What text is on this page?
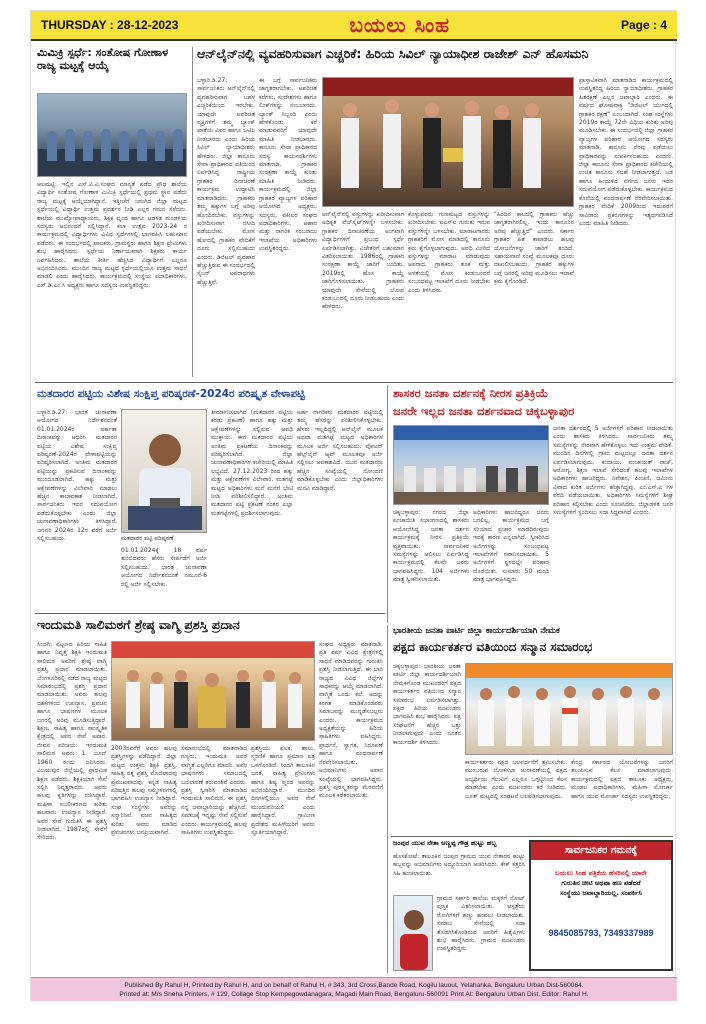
THURSDAY : 28-12-2023	ಬಯಲು ಸಿಂಹ	Page : 4
ಮಿಮಿಕ್ರಿ ಸ್ಪರ್ಧೆ: ಸಂತೋಷ ಗೋಣಾಳ ರಾಜ್ಯ ಮಟ್ಟಕ್ಕೆ ಆಯ್ಕೆ
ಆಲಮಟ್ಟಿ: ಇಲ್ಲಿನ ಎಸ್.ವಿ.ವಿ.ಸಂಘದ ಮಾನ್ಯತೆ ಪಡೆದ ಪ್ರೌಢ ಶಾಲೆಯ ವಿದ್ಯಾರ್ಥಿ ಸಂತೋಷ ಗೋಣಾಳ ಮಿಮಿಕ್ರಿ ಸ್ಪರ್ಧೆಯಲ್ಲಿ ಪ್ರಥಮ ಸ್ಥಾನ ಪಡೆದು ರಾಜ್ಯ ಮಟ್ಟಕ್ಕೆ ಆಯ್ಕೆಯಾಗಿದ್ದಾನೆ. ಇತ್ತೀಚೆಗೆ ಜರುಗಿದ ಜಿಲ್ಲಾ ಮಟ್ಟದ ಸ್ಪರ್ಧೆಯಲ್ಲಿ ವಿದ್ಯಾರ್ಥಿ ಉತ್ತಮ ಪ್ರದರ್ಶನ ನೀಡಿ ಎಲ್ಲರ ಗಮನ ಸೆಳೆದನು. ಶಾಲೆಯ ಮುಖ್ಯೋಪಾಧ್ಯಾಯರು, ಶಿಕ್ಷಕ ವೃಂದ ಹಾಗೂ ಆಡಳಿತ ಮಂಡಳಿಯ ಸದಸ್ಯರು ಅಭಿನಂದನೆ ಸಲ್ಲಿಸಿದ್ದಾರೆ. ಕಲಾ ಉತ್ಸವ 2023-24 ರ ಕಾರ್ಯಕ್ರಮದಲ್ಲಿ ವಿದ್ಯಾರ್ಥಿಗಳು ವಿವಿಧ ಸ್ಪರ್ಧೆಗಳಲ್ಲಿ ಭಾಗವಹಿಸಿ ಬಹುಮಾನ ಪಡೆದರು. ಈ ಸಂದರ್ಭದಲ್ಲಿ ಪಾಲಕರು, ಗ್ರಾಮಸ್ಥರು ಹಾಗೂ ಶಿಕ್ಷಣ ಪ್ರೇಮಿಗಳು ಶುಭ ಹಾರೈಸಿದರು. ಸ್ಪರ್ಧೆಯ ನಿರ್ಣಾಯಕರಾಗಿ ಶಿಕ್ಷಕರು ಕಾರ್ಯ ನಿರ್ವಹಿಸಿದರು. ಶಾಲೆಯ ಕೀರ್ತಿ ಹೆಚ್ಚಿಸಿದ ವಿದ್ಯಾರ್ಥಿಗೆ ಎಲ್ಲರೂ ಅಭಿನಂದಿಸಿದರು. ಮುಂದಿನ ರಾಜ್ಯ ಮಟ್ಟದ ಸ್ಪರ್ಧೆಯಲ್ಲಿಯೂ ಉತ್ತಮ ಸಾಧನೆ ಮಾಡಲಿ ಎಂದು ಹಾರೈಸಿದರು. ಕಾರ್ಯಕ್ರಮದಲ್ಲಿ ಸಂಸ್ಥೆಯ ಪದಾಧಿಕಾರಿಗಳು, ಎಸ್.ಡಿ.ಎಂ.ಸಿ ಅಧ್ಯಕ್ಷರು ಹಾಗೂ ಸದಸ್ಯರು ಉಪಸ್ಥಿತರಿದ್ದರು.
ಆನ್‌ಲೈನ್‌ನಲ್ಲಿ ವ್ಯವಹರಿಸುವಾಗ ಎಚ್ಚರಿಕೆ: ಹಿರಿಯ ಸಿವಿಲ್ ನ್ಯಾಯಾಧೀಶ ರಾಜೇಶ್ ಎನ್ ಹೊಸಮನಿ
ಬಳ್ಳಾರಿ.ಡಿ.27: ಸಾರ್ವಜನಿಕರು ಆನ್‌ಲೈನ್‌ನಲ್ಲಿ ವ್ಯವಹರಿಸುವಾಗ ಬಹಳ ಎಚ್ಚರಿಕೆಯಿಂದ ಇರಬೇಕು. ಯಾವುದೇ ಅಪರಿಚಿತ ವ್ಯಕ್ತಿಗಳಿಗೆ ತಮ್ಮ ಬ್ಯಾಂಕ್ ಖಾತೆಯ ವಿವರ ಹಾಗೂ ಒಟಿಪಿ ನೀಡಬಾರದು ಎಂದು ಹಿರಿಯ ಸಿವಿಲ್ ನ್ಯಾಯಾಧೀಶರು ಹೇಳಿದರು. ಜಿಲ್ಲಾ ಕಾನೂನು ಸೇವಾ ಪ್ರಾಧಿಕಾರದ ವತಿಯಿಂದ ಏರ್ಪಡಿಸಿದ್ದ ರಾಷ್ಟ್ರೀಯ ಗ್ರಾಹಕರ ದಿನಾಚರಣೆ ಕಾರ್ಯಕ್ರಮ ಉದ್ಘಾಟಿಸಿ ಮಾತನಾಡಿದರು. ಗ್ರಾಹಕರು ತಮ್ಮ ಹಕ್ಕುಗಳ ಬಗ್ಗೆ ಅರಿವು ಹೊಂದಿರಬೇಕು. ವಸ್ತುಗಳನ್ನು ಖರೀದಿಸುವಾಗ ರಸೀದಿ ಪಡೆಯಬೇಕು. ಮೋಸ ಹೋದಲ್ಲಿ ಗ್ರಾಹಕರ ವೇದಿಕೆಗೆ ದೂರು ಸಲ್ಲಿಸಬಹುದು ಎಂದರು. ಡಿಜಿಟಲ್ ವ್ಯವಹಾರ ಹೆಚ್ಚುತ್ತಿರುವ ಈ ಸಂದರ್ಭದಲ್ಲಿ ಸೈಬರ್ ಅಪರಾಧಗಳು ಹೆಚ್ಚುತ್ತಿವೆ.
ಈ ಬಗ್ಗೆ ಸಾರ್ವಜನಿಕರು ಜಾಗೃತರಾಗಬೇಕು. ಅಪರಿಚಿತ ಕರೆಗಳು, ಸಂದೇಶಗಳು ಹಾಗೂ ಲಿಂಕ್‌ಗಳನ್ನು ನಂಬಬಾರದು. ಬ್ಯಾಂಕ್ ಸಿಬ್ಬಂದಿ ಎಂದು ಹೇಳಿಕೊಂಡು ಕರೆ ಮಾಡುವವರಿಗೆ ಯಾವುದೇ ಮಾಹಿತಿ ನೀಡಬಾರದು. ಕಾನೂನು ಸೇವಾ ಪ್ರಾಧಿಕಾರದ ಸದಸ್ಯ ಕಾರ್ಯದರ್ಶಿಗಳು ಮಾತನಾಡಿ, ಗ್ರಾಹಕರ ಸಂರಕ್ಷಣಾ ಕಾಯ್ದೆ ಕುರಿತು ಮಾಹಿತಿ ನೀಡಿದರು. ಕಾರ್ಯಕ್ರಮದಲ್ಲಿ ಜಿಲ್ಲಾ ಗ್ರಾಹಕರ ವ್ಯಾಜ್ಯಗಳ ಪರಿಹಾರ ಆಯೋಗದ ಅಧ್ಯಕ್ಷರು, ಸದಸ್ಯರು, ವಕೀಲರ ಸಂಘದ ಪದಾಧಿಕಾರಿಗಳು, ಆಹಾರ ಮತ್ತು ನಾಗರಿಕ ಸರಬರಾಜು ಇಲಾಖೆಯ ಅಧಿಕಾರಿಗಳು ಉಪಸ್ಥಿತರಿದ್ದರು.
ಆನ್‌ಲೈನ್‌ನಲ್ಲಿ ವಸ್ತುಗಳನ್ನು ಖರೀದಿಸುವಾಗ ಅಧಿಕೃತ ವೆಬ್‌ಸೈಟ್‌ಗಳನ್ನೇ ಬಳಸಬೇಕು. ಗ್ರಾಹಕರ ದಿನಾಚರಣೆಯ ಅಂಗವಾಗಿ ವಿದ್ಯಾರ್ಥಿಗಳಿಗೆ ಪ್ರಬಂಧ ಸ್ಪರ್ಧೆ ಏರ್ಪಡಿಸಲಾಗಿತ್ತು. ವಿಜೇತರಿಗೆ ಬಹುಮಾನ ವಿತರಿಸಲಾಯಿತು. 1986ರಲ್ಲಿ ಗ್ರಾಹಕರ ಸಂರಕ್ಷಣಾ ಕಾಯ್ದೆ ಜಾರಿಗೆ ಬಂದಿತು. 2019ರಲ್ಲಿ ಹೊಸ ಕಾಯ್ದೆ ಜಾರಿಗೊಳಿಸಲಾಯಿತು. ಗ್ರಾಹಕರು ಯಾವುದೇ ಸೇವೆಯಲ್ಲಿ ಲೋಪ ಕಂಡುಬಂದಲ್ಲಿ ದೂರು ನೀಡಬಹುದು ಎಂದು ಹೇಳಿದರು.
ಕೊಳ್ಳುವವರು ಗುಣಮಟ್ಟದ ವಸ್ತುಗಳನ್ನು ಖರೀದಿಸಬೇಕು. ಐಎಸ್‌ಐ ಗುರುತು ಇರುವ ವಸ್ತುಗಳನ್ನೇ ಬಳಸಬೇಕು. ಮಾರಾಟಗಾರರು ಗ್ರಾಹಕರಿಗೆ ಮೋಸ ಮಾಡಿದಲ್ಲಿ ಕಾನೂನು ಕ್ರಮ ಕೈಗೊಳ್ಳಲಾಗುವುದು. ಅವಧಿ ಮೀರಿದ ವಸ್ತುಗಳನ್ನು ಮಾರಾಟ ಮಾಡುವುದು ಅಪರಾಧ. ಗ್ರಾಹಕರು ತೂಕ ಮತ್ತು ಅಳತೆಯಲ್ಲಿ ಮೋಸ ಕಂಡುಬಂದರೆ ಸಂಬಂಧಪಟ್ಟ ಇಲಾಖೆಗೆ ದೂರು ನೀಡಬೇಕು ಎಂದು ತಿಳಿಸಿದರು.
"ಹಿಂದಿನ ಕಾಲದಲ್ಲಿ ಗ್ರಾಹಕರು ಹೆಚ್ಚು ಜಾಗೃತರಾಗಿರಲಿಲ್ಲ. ಇಂದು ಕಾನೂನಿನ ಅರಿವು ಹೆಚ್ಚುತ್ತಿದೆ" ಎಂದರು. ಸರ್ಕಾರ ಗ್ರಾಹಕರ ಹಿತ ಕಾಪಾಡಲು ಹಲವು ಯೋಜನೆಗಳನ್ನು ಜಾರಿಗೆ ತಂದಿದೆ. ಸಹಾಯವಾಣಿ ಸಂಖ್ಯೆ ಮೂಲಕವೂ ದೂರು ದಾಖಲಿಸಬಹುದು. ಗ್ರಾಹಕರ ಹಕ್ಕುಗಳ ಬಗ್ಗೆ ಜನರಲ್ಲಿ ಅರಿವು ಮೂಡಿಸಲು ಇಲಾಖೆ ಕ್ರಮ ಕೈಗೊಂಡಿದೆ.
ಪ್ರಾಸ್ತಾವಿಕವಾಗಿ ಮಾತನಾಡಿದ ಕಾರ್ಯಕ್ರಮದಲ್ಲಿ ಉಪಸ್ಥಿತರಿದ್ದ ಹಿರಿಯ ನ್ಯಾಯಾಧೀಶರು, ಗ್ರಾಹಕರ ಹಿತರಕ್ಷಣೆ ಎಲ್ಲರ ಜವಾಬ್ದಾರಿ ಎಂದರು. ಈ ವರ್ಷದ ಘೋಷವಾಕ್ಯ "ಡಿಜಿಟಲ್ ಯುಗದಲ್ಲಿ ಗ್ರಾಹಕರ ರಕ್ಷಣೆ" ಎಂಬುದಾಗಿದೆ. ಸಂಘ ಸಂಸ್ಥೆಗಳು 2019ರ ಕಾಯ್ದೆ 72ನೇ ವಿಧಿಯ ಕುರಿತು ಅರಿವು ಮೂಡಿಸಬೇಕು. ಈ ಸಂದರ್ಭದಲ್ಲಿ ಜಿಲ್ಲಾ ಗ್ರಾಹಕರ ವ್ಯಾಜ್ಯಗಳ ಪರಿಹಾರ ಆಯೋಗದ ಸದಸ್ಯರು ಮಾತನಾಡಿ, ಕಾನೂನು ನೆರವು ಪಡೆಯಲು ಪ್ರಾಧಿಕಾರವನ್ನು ಸಂಪರ್ಕಿಸಬಹುದು ಎಂದರು. ಜಿಲ್ಲಾ ಕಾನೂನು ಸೇವಾ ಪ್ರಾಧಿಕಾರದ ಕಚೇರಿಯಲ್ಲಿ ಉಚಿತ ಕಾನೂನು ಸಲಹೆ ನೀಡಲಾಗುತ್ತದೆ. ಬಡ ಹಾಗೂ ಹಿಂದುಳಿದ ವರ್ಗದ ಜನರು ಇದರ ಸದುಪಯೋಗ ಪಡೆದುಕೊಳ್ಳಬೇಕು. ಕಾರ್ಯಕ್ರಮದ ಕೊನೆಯಲ್ಲಿ ವಂದನಾರ್ಪಣೆ ನೆರವೇರಿಸಲಾಯಿತು. ಗ್ರಾಹಕರ ವೇದಿಕೆ 2009ರಿಂದ ಇದುವರೆಗೆ ಸಾವಿರಾರು ಪ್ರಕರಣಗಳನ್ನು ಇತ್ಯರ್ಥಪಡಿಸಿದೆ ಎಂದು ಮಾಹಿತಿ ನೀಡಿದರು.
ಮತದಾರರ ಪಟ್ಟಿಯ ವಿಶೇಷ ಸಂಕ್ಷಿಪ್ತ ಪರಿಷ್ಕರಣೆ-2024ರ ಪರಿಷ್ಕೃತ ವೇಳಾಪಟ್ಟಿ
ಬಳ್ಳಾರಿ.ಡಿ.27: ಭಾರತ ಚುನಾವಣಾ ಆಯೋಗದ ನಿರ್ದೇಶನದಂತೆ 01.01.2024ರ ಅರ್ಹತಾ ದಿನಾಂಕವನ್ನು ಆಧರಿಸಿ ಮತದಾರರ ಪಟ್ಟಿಯ ವಿಶೇಷ ಸಂಕ್ಷಿಪ್ತ ಪರಿಷ್ಕರಣೆ-2024ರ ವೇಳಾಪಟ್ಟಿಯನ್ನು ಪರಿಷ್ಕರಿಸಲಾಗಿದೆ. ಅಂತಿಮ ಮತದಾರರ ಪಟ್ಟಿಯನ್ನು ಪ್ರಕಟಿಸುವ ದಿನಾಂಕವನ್ನು ಮುಂದೂಡಲಾಗಿದೆ. ಹಕ್ಕು ಮತ್ತು ಆಕ್ಷೇಪಣೆಗಳನ್ನು ವಿಲೇವಾರಿ ಮಾಡಲು ಹೆಚ್ಚಿನ ಕಾಲಾವಕಾಶ ನೀಡಲಾಗಿದೆ. ಸಾರ್ವಜನಿಕರು ಇದರ ಸದುಪಯೋಗ ಪಡೆದುಕೊಳ್ಳಬೇಕು ಎಂದು ಜಿಲ್ಲಾ ಚುನಾವಣಾಧಿಕಾರಿಗಳು ತಿಳಿಸಿದ್ದಾರೆ. ಜನವರಿ 2024ರ 12ರ ವರೆಗೆ ಅರ್ಜಿ ಸಲ್ಲಿಸಬಹುದು.	ಮತದಾರರ ಪಟ್ಟಿ ಪರಿಷ್ಕರಣೆ
01.01.2024ಕ್ಕೆ 18 ವರ್ಷ ತುಂಬಿದವರು ಹೆಸರು ಸೇರ್ಪಡೆಗೆ ಅರ್ಜಿ ಸಲ್ಲಿಸಬಹುದು. ಭಾರತ ಚುನಾವಣಾ ಆಯೋಗದ ನಿರ್ದೇಶನದಂತೆ ನಮೂನೆ-6 ರಲ್ಲಿ ಅರ್ಜಿ ಸಲ್ಲಿಸಬೇಕು.
ತೀರ್ಮಾನಿಸಲಾಗಿದೆ (ಮತದಾರರ ಪಟ್ಟಿಯ ಕರಡು ಪ್ರಕಟಣೆ) ಹಾಗೂ ಹಕ್ಕು ಮತ್ತು ಆಕ್ಷೇಪಣೆಗಳನ್ನು ಸಲ್ಲಿಸುವ ಅವಧಿ ಮುಕ್ತಾಯ. ಈಗ ಮತದಾರರ ಪಟ್ಟಿಯ ಅಂತಿಮ ಪ್ರಕಟಣೆಯ ದಿನಾಂಕವನ್ನು ಪರಿಷ್ಕರಿಸಲಾಗಿದೆ. ಜಿಲ್ಲಾ ಚುನಾವಣಾಧಿಕಾರಿಗಳ ಕಚೇರಿಯಲ್ಲಿ ಮಾಹಿತಿ ಲಭ್ಯವಿದೆ. 27.12.2023 ರಿಂದ ಹಕ್ಕು ಮತ್ತು ಆಕ್ಷೇಪಣೆಗಳ ವಿಲೇವಾರಿ. ಮತಗಟ್ಟೆ ಮಟ್ಟದ ಅಧಿಕಾರಿಗಳು ಮನೆ ಮನೆಗೆ ಭೇಟಿ ನೀಡಿ ಪರಿಶೀಲಿಸಲಿದ್ದಾರೆ. ಅಂತಿಮ ಮತದಾರರ ಪಟ್ಟಿ ಪ್ರಕಟಣೆ ನಂತರ ಎಲ್ಲಾ ಮತಗಟ್ಟೆಗಳಲ್ಲಿ ಪ್ರದರ್ಶಿಸಲಾಗುವುದು.
ಅರ್ಹ ನಾಗರಿಕರು ಮತದಾರರ ಪಟ್ಟಿಯಲ್ಲಿ ತಮ್ಮ ಹೆಸರನ್ನು ಪರಿಶೀಲಿಸಿಕೊಳ್ಳಬೇಕು. ಹೆಸರು ಇಲ್ಲದಿದ್ದಲ್ಲಿ ಆನ್‌ಲೈನ್ ಮೂಲಕ ಅಥವಾ ಮತಗಟ್ಟೆ ಮಟ್ಟದ ಅಧಿಕಾರಿಗಳ ಮೂಲಕ ಅರ್ಜಿ ಸಲ್ಲಿಸಬಹುದು. ವೋಟರ್ ಹೆಲ್ಪ್‌ಲೈನ್ ಆ್ಯಪ್ ಮೂಲಕವೂ ಅರ್ಜಿ ಸಲ್ಲಿಸಲು ಅವಕಾಶವಿದೆ. ಯುವ ಮತದಾರರು ಹೆಚ್ಚಿನ ಸಂಖ್ಯೆಯಲ್ಲಿ ನೋಂದಣಿ ಮಾಡಿಕೊಳ್ಳಬೇಕು ಎಂದು ಜಿಲ್ಲಾಧಿಕಾರಿಗಳು ಮನವಿ ಮಾಡಿದ್ದಾರೆ.
ಶಾಸಕರ ಜನತಾ ದರ್ಶನಕ್ಕೆ ನೀರಸ ಪ್ರತಿಕ್ರಿಯೆ
ಜನರೇ ಇಲ್ಲದ ಜನತಾ ದರ್ಶನವಾದ ಚಿಕ್ಕಬಳ್ಳಾಪುರ
ಚಿಕ್ಕಬಳ್ಳಾಪುರ: ನಗರದ ಜಿಲ್ಲಾ ಪಂಚಾಯಿತಿ ಸಭಾಂಗಣದಲ್ಲಿ ಶಾಸಕರು ಆಯೋಜಿಸಿದ್ದ ಜನತಾ ದರ್ಶನ ಕಾರ್ಯಕ್ರಮಕ್ಕೆ ನೀರಸ ಪ್ರತಿಕ್ರಿಯೆ ವ್ಯಕ್ತವಾಯಿತು. ಸಾರ್ವಜನಿಕರ ಸಮಸ್ಯೆಗಳನ್ನು ಆಲಿಸಲು ಏರ್ಪಡಿಸಿದ್ದ ಕಾರ್ಯಕ್ರಮದಲ್ಲಿ ಕೆಲವೇ ಜನರು ಭಾಗವಹಿಸಿದ್ದರು. 104 ಅರ್ಜಿಗಳು ಮಾತ್ರ ಸ್ವೀಕರಿಸಲಾಯಿತು.
ಅಧಿಕಾರಿಗಳು ಹಾಜರಿದ್ದರೂ ಜನರು ಬರಲಿಲ್ಲ. ಕಾರ್ಯಕ್ರಮದ ಬಗ್ಗೆ ಸರಿಯಾದ ಪ್ರಚಾರ ಮಾಡದಿರುವುದು ಇದಕ್ಕೆ ಕಾರಣ ಎನ್ನಲಾಗಿದೆ. ಸ್ವೀಕರಿಸಿದ ಅರ್ಜಿಗಳನ್ನು ಸಂಬಂಧಪಟ್ಟ ಇಲಾಖೆಗಳಿಗೆ ರವಾನಿಸಲಾಯಿತು. 5 ಅರ್ಜಿಗಳಿಗೆ ಸ್ಥಳದಲ್ಲೇ ಪರಿಹಾರ ದೊರೆಯಿತು. ಸುಮಾರು 50 ಮಂದಿ ಮಾತ್ರ ಭಾಗವಹಿಸಿದ್ದರು.
ಜನತಾ ದರ್ಶನದಲ್ಲಿ 5 ಅರ್ಜಿಗಳಿಗೆ ಪರಿಹಾರ ನೀಡಲಾಯಿತು ಎಂದು ಶಾಸಕರು ತಿಳಿಸಿದರು. ಸಾರ್ವಜನಿಕರು ತಮ್ಮ ಸಮಸ್ಯೆಗಳನ್ನು ನೇರವಾಗಿ ಹೇಳಿಕೊಳ್ಳಲು ಇದು ಉತ್ತಮ ವೇದಿಕೆ. ಮುಂದಿನ ದಿನಗಳಲ್ಲಿ ಗ್ರಾಮ ಮಟ್ಟದಲ್ಲೂ ಜನತಾ ದರ್ಶನ ಏರ್ಪಡಿಸಲಾಗುವುದು. ಕಂದಾಯ, ಪಂಚಾಯತ್ ರಾಜ್, ಆರೋಗ್ಯ, ಶಿಕ್ಷಣ ಇಲಾಖೆ ಸೇರಿದಂತೆ ಹಲವು ಇಲಾಖೆಗಳ ಅಧಿಕಾರಿಗಳು ಹಾಜರಿದ್ದರು. ನಿವೇಶನ, ಪಿಂಚಣಿ, ಜಮೀನು ವಿವಾದ ಕುರಿತ ಅರ್ಜಿಗಳು ಹೆಚ್ಚಾಗಿದ್ದವು. ಎಂ.ಎಸ್.ಎ ಗಳ ವರದಿ ಪಡೆಯಲಾಯಿತು. ಅಧಿಕಾರಿಗಳು ಸಮಸ್ಯೆಗಳಿಗೆ ಶೀಘ್ರ ಪರಿಹಾರ ಕಲ್ಪಿಸಬೇಕು ಎಂದು ಸೂಚಿಸಿದರು. ಜಿಲ್ಲಾಡಳಿತ ಜನರ ಸಮಸ್ಯೆಗಳಿಗೆ ಸ್ಪಂದಿಸಲು ಸದಾ ಸಿದ್ಧವಾಗಿದೆ ಎಂದರು.
ಇಂದುಮತಿ ಸಾಲಿಮಠಗೆ ಶ್ರೇಷ್ಠ ವಾಗ್ಮಿ ಪ್ರಶಸ್ತಿ ಪ್ರದಾನ
ಸಿಂದಗಿ: ಪಟ್ಟಣದ ಹಿರಿಯ ಸಾಹಿತಿ ಹಾಗೂ ನಿವೃತ್ತ ಶಿಕ್ಷಕಿ ಇಂದುಮತಿ ಸಾಲಿಮಠ ಅವರಿಗೆ ಶ್ರೇಷ್ಠ ವಾಗ್ಮಿ ಪ್ರಶಸ್ತಿ ಪ್ರದಾನ ಮಾಡಲಾಯಿತು. ಬೆಂಗಳೂರಿನಲ್ಲಿ ನಡೆದ ರಾಜ್ಯ ಮಟ್ಟದ ಸಮಾರಂಭದಲ್ಲಿ ಪ್ರಶಸ್ತಿ ಪ್ರದಾನ ಮಾಡಲಾಯಿತು. ಅವರು ಹಲವು ದಶಕಗಳಿಂದ ಉಪನ್ಯಾಸ, ಪ್ರವಚನ ಹಾಗೂ ಭಾಷಣಗಳ ಮೂಲಕ ಜನರಲ್ಲಿ ಅರಿವು ಮೂಡಿಸುತ್ತಿದ್ದಾರೆ. ಶಿಕ್ಷಣ, ಸಾಹಿತ್ಯ ಹಾಗೂ ಸಾಂಸ್ಕೃತಿಕ ಕ್ಷೇತ್ರದಲ್ಲಿ ಅವರ ಸೇವೆ ಅಪಾರ. ಜೀವನ ಪರಿಚಯ: ಇಂದುಮತಿ ಸಾಲಿಮಠ ಅವರು 1. ಜೂನ್ 1960 ರಂದು ಜನಿಸಿದರು. ವಿಜಯಪುರ ಜಿಲ್ಲೆಯಲ್ಲಿ ಪ್ರಾಥಮಿಕ ಶಿಕ್ಷಣ ಪಡೆದರು. ಶಿಕ್ಷಕಿಯಾಗಿ ಸೇವೆ ಸಲ್ಲಿಸಿ ನಿವೃತ್ತರಾದರು. ಅವರು ಹಲವು ಕೃತಿಗಳನ್ನು ರಚಿಸಿದ್ದಾರೆ. ಮಹಿಳಾ ಸಬಲೀಕರಣದ ಕುರಿತು ಹಲವಾರು ಉಪನ್ಯಾಸ ನೀಡಿದ್ದಾರೆ. ಅವರ ಸೇವೆ ಗುರುತಿಸಿ ಈ ಪ್ರಶಸ್ತಿ ನೀಡಲಾಗಿದೆ. 1987ರಲ್ಲಿ ಸೇವೆಗೆ ಸೇರಿದರು.
2003ರವರೆಗೆ ಅವರು ಹಲವು ಪ್ರಶಸ್ತಿಗಳನ್ನು ಪಡೆದಿದ್ದಾರೆ. ಜಿಲ್ಲಾ ಮಟ್ಟದ ಉತ್ತಮ ಶಿಕ್ಷಕಿ ಪ್ರಶಸ್ತಿ, ಸಾಹಿತ್ಯ ರತ್ನ ಪ್ರಶಸ್ತಿ ಮೊದಲಾದವು ಪ್ರಮುಖವಾದವು. ಕನ್ನಡ ಸಾಹಿತ್ಯ ಪರಿಷತ್ತಿನ ಹಲವು ಸಮ್ಮೇಳನಗಳಲ್ಲಿ ಭಾಗವಹಿಸಿ ಉಪನ್ಯಾಸ ನೀಡಿದ್ದಾರೆ. ಸಂಘ ಸಂಸ್ಥೆಗಳು ಅವರನ್ನು ಸನ್ಮಾನಿಸಿವೆ. ವಚನ ಸಾಹಿತ್ಯದ ಕುರಿತು ಅವರು ಮಾಡಿದ ಪ್ರವಚನಗಳು ಜನಪ್ರಿಯವಾಗಿವೆ.
ಸಮಾರಂಭದಲ್ಲಿ ಮಾತನಾಡಿದ ಗಣ್ಯರು, ಇಂದುಮತಿ ಅವರ ವಾಗ್ಮಿತೆ ಎಲ್ಲರಿಗೂ ಮಾದರಿ. ಅವರ ಭಾಷಣಗಳು ಸಮಾಜದಲ್ಲಿ ಬದಲಾವಣೆ ತರುವಂತಿವೆ ಎಂದರು. ಪ್ರಶಸ್ತಿ ಸ್ವೀಕರಿಸಿ ಮಾತನಾಡಿದ ಇಂದುಮತಿ ಸಾಲಿಮಠ, ಈ ಪ್ರಶಸ್ತಿ ನನ್ನ ಜವಾಬ್ದಾರಿಯನ್ನು ಹೆಚ್ಚಿಸಿದೆ. ಸಮಾಜಕ್ಕೆ ಇನ್ನಷ್ಟು ಸೇವೆ ಸಲ್ಲಿಸುವೆ ಎಂದರು. ಕಾರ್ಯಕ್ರಮದಲ್ಲಿ ಹಲವು ಸಾಹಿತಿಗಳು ಉಪಸ್ಥಿತರಿದ್ದರು.
ಪ್ರಶಸ್ತಿಯು ಫಲಕ, ಶಾಲು, ಸ್ಮರಣಿಕೆ ಹಾಗೂ ಪ್ರಮಾಣ ಪತ್ರ ಒಳಗೊಂಡಿದೆ. ಸಿಂದಗಿ ತಾಲೂಕಿನ ಜನತೆ, ಸಾಹಿತ್ಯ ಪ್ರೇಮಿಗಳು ಹಾಗೂ ಶಿಷ್ಯ ವೃಂದ ಅವರನ್ನು ಅಭಿನಂದಿಸಿದ್ದಾರೆ. ಮುಂದಿನ ದಿನಗಳಲ್ಲಿಯೂ ಅವರ ಸೇವೆ ಮುಂದುವರಿಯಲಿ ಎಂದು ಹಾರೈಸಿದ್ದಾರೆ. ಗ್ರಾಮೀಣ ಪ್ರದೇಶದ ಮಹಿಳೆಯರಿಗೆ ಅವರು ಸ್ಫೂರ್ತಿಯಾಗಿದ್ದಾರೆ.
ಸಂಘದ ಅಧ್ಯಕ್ಷರು ಮಾತನಾಡಿ, ಪ್ರತಿ ವರ್ಷ ವಿವಿಧ ಕ್ಷೇತ್ರಗಳಲ್ಲಿ ಸಾಧನೆ ಮಾಡಿದವರನ್ನು ಗುರುತಿಸಿ ಪ್ರಶಸ್ತಿ ನೀಡಲಾಗುತ್ತಿದೆ. ಈ ಬಾರಿ ರಾಜ್ಯದ ವಿವಿಧ ಜಿಲ್ಲೆಗಳ ಸಾಧಕರನ್ನು ಆಯ್ಕೆ ಮಾಡಲಾಗಿದೆ. ವಾಗ್ಮಿತೆ ಒಂದು ಕಲೆ. ಅದನ್ನು ಕರಗತ ಮಾಡಿಕೊಂಡವರು ಸಮಾಜವನ್ನು ಮುನ್ನಡೆಸಬಲ್ಲರು ಎಂದರು. ಕಾರ್ಯಕ್ರಮದ ಅಧ್ಯಕ್ಷತೆಯನ್ನು ಹಿರಿಯ ಸಾಹಿತಿಗಳು ವಹಿಸಿದ್ದರು. ಪ್ರಾರ್ಥನೆ, ಸ್ವಾಗತ, ನಿರೂಪಣೆ ಹಾಗೂ ವಂದನಾರ್ಪಣೆ ನೆರವೇರಿಸಲಾಯಿತು. ಅಭಿಮಾನಿಗಳು ಅಪಾರ ಸಂಖ್ಯೆಯಲ್ಲಿ ಭಾಗವಹಿಸಿದ್ದರು. ಪ್ರಶಸ್ತಿ ಪುರಸ್ಕೃತರನ್ನು ಮೆರವಣಿಗೆ ಮೂಲಕ ಕರೆತರಲಾಯಿತು.
ಭಾರತೀಯ ಜನತಾ ಪಾರ್ಟಿ ಜಿಲ್ಲಾ ಕಾರ್ಯದರ್ಶಿಯಾಗಿ ನೇಮಕ
ಪಕ್ಷದ ಕಾರ್ಯಕರ್ತರ ವತಿಯಿಂದ ಸನ್ಮಾನ ಸಮಾರಂಭ
ಚಿಕ್ಕಬಳ್ಳಾಪುರ: ಭಾರತೀಯ ಜನತಾ ಪಾರ್ಟಿ ಜಿಲ್ಲಾ ಕಾರ್ಯದರ್ಶಿಯಾಗಿ ನೇಮಕಗೊಂಡ ಮುಖಂಡರಿಗೆ ಪಕ್ಷದ ಕಾರ್ಯಕರ್ತರ ವತಿಯಿಂದ ಸನ್ಮಾನ ಸಮಾರಂಭ ಏರ್ಪಡಿಸಲಾಗಿತ್ತು. ಪಕ್ಷದ ಹಿರಿಯ ಮುಖಂಡರು ಭಾಗವಹಿಸಿ ಶುಭ ಹಾರೈಸಿದರು. ಪಕ್ಷ ಸಂಘಟನೆಗೆ ಹೆಚ್ಚಿನ ಒತ್ತು ನೀಡಲಾಗುವುದು ಎಂದು ನೂತನ ಕಾರ್ಯದರ್ಶಿ ತಿಳಿಸಿದರು.
ಕಾರ್ಯಕರ್ತರು ಪಕ್ಷದ ಬಲವರ್ಧನೆಗೆ ಶ್ರಮಿಸಬೇಕು. ಮುಂಬರುವ ಲೋಕಸಭಾ ಚುನಾವಣೆಯಲ್ಲಿ ಪಕ್ಷದ ಅಭ್ಯರ್ಥಿಯ ಗೆಲುವಿಗೆ ಎಲ್ಲರೂ ಒಗ್ಗಟ್ಟಿನಿಂದ ಕೆಲಸ ಮಾಡಬೇಕು ಎಂದು ಮುಖಂಡರು ಕರೆ ನೀಡಿದರು. ಬೂತ್ ಮಟ್ಟದಲ್ಲಿ ಸಂಘಟನೆ ಬಲಪಡಿಸಲಾಗುವುದು.
ಕೇಂದ್ರ ಸರ್ಕಾರದ ಯೋಜನೆಗಳನ್ನು ಜನರಿಗೆ ತಲುಪಿಸುವ ಕೆಲಸ ಮಾಡಲಾಗುವುದು. ಕಾರ್ಯಕ್ರಮದಲ್ಲಿ ಪಕ್ಷದ ತಾಲೂಕು ಅಧ್ಯಕ್ಷರು, ಮಂಡಲ ಪದಾಧಿಕಾರಿಗಳು, ಮಹಿಳಾ ಮೋರ್ಚಾ ಹಾಗೂ ಯುವ ಮೋರ್ಚಾ ಸದಸ್ಯರು ಉಪಸ್ಥಿತರಿದ್ದರು.
ಜಂಪುರ ಯುವ ನೇತಾ ಅಣ್ಣಪ್ಪ ಗೌಡ್ರ ಹುಟ್ಟು ಹಬ್ಬ
ಹೊಸಕೋಟೆ: ತಾಲೂಕಿನ ಜಂಪುರ ಗ್ರಾಮದ ಯುವ ನೇತಾರರ ಹುಟ್ಟು ಹಬ್ಬವನ್ನು ಅಭಿಮಾನಿಗಳು ಅದ್ದೂರಿಯಾಗಿ ಆಚರಿಸಿದರು. ಕೇಕ್ ಕತ್ತರಿಸಿ ಸಿಹಿ ಹಂಚಲಾಯಿತು.
ಗ್ರಾಮದ ಸರ್ಕಾರಿ ಶಾಲೆಯ ಮಕ್ಕಳಿಗೆ ನೋಟ್ ಪುಸ್ತಕ ವಿತರಿಸಲಾಯಿತು. ಆಸ್ಪತ್ರೆಯ ರೋಗಿಗಳಿಗೆ ಹಣ್ಣು ಹಂಪಲು ನೀಡಲಾಯಿತು. ಸಮಾಜ ಸೇವೆಯಲ್ಲಿ ಸದಾ ತೊಡಗಿಸಿಕೊಂಡಿರುವ ಅವರಿಗೆ ಹಿತೈಷಿಗಳು ಶುಭ ಹಾರೈಸಿದರು. ಗ್ರಾಮದ ಮುಖಂಡರು ಉಪಸ್ಥಿತರಿದ್ದರು.
ಸಾರ್ವಜನಿಕರ ಗಮನಕ್ಕೆ
ಬಯಲು ಸಿಂಹ ಪತ್ರಿಕೆಯ ಹೆಸರಿನಲ್ಲಿ ಯಾರೇ
ಗುರುತಿನ ಚೀಟಿ ಅಥವಾ ಹಣ ಪಡೆದರೆ
ಸಂಸ್ಥೆಯು ಜವಾಬ್ದಾರಿಯಲ್ಲ. ಸಂಪರ್ಕಿಸಿ
9845085793, 7349337989
Published By Rahul H, Printed by Rahul H, and on behalf of Rahul H, # 343, 3rd Cross,Bande Road, Kogilu lauout, Yelahanka, Bengaluru Urban Dist-560064.
Printed at: M/s Sneha Printers, # 129, Collage Stop Kempegowdanagara, Magadi Main Road, Bengaluru-560091 Print At: Bengaluru Urban Dist. Editor: Rahul H.
